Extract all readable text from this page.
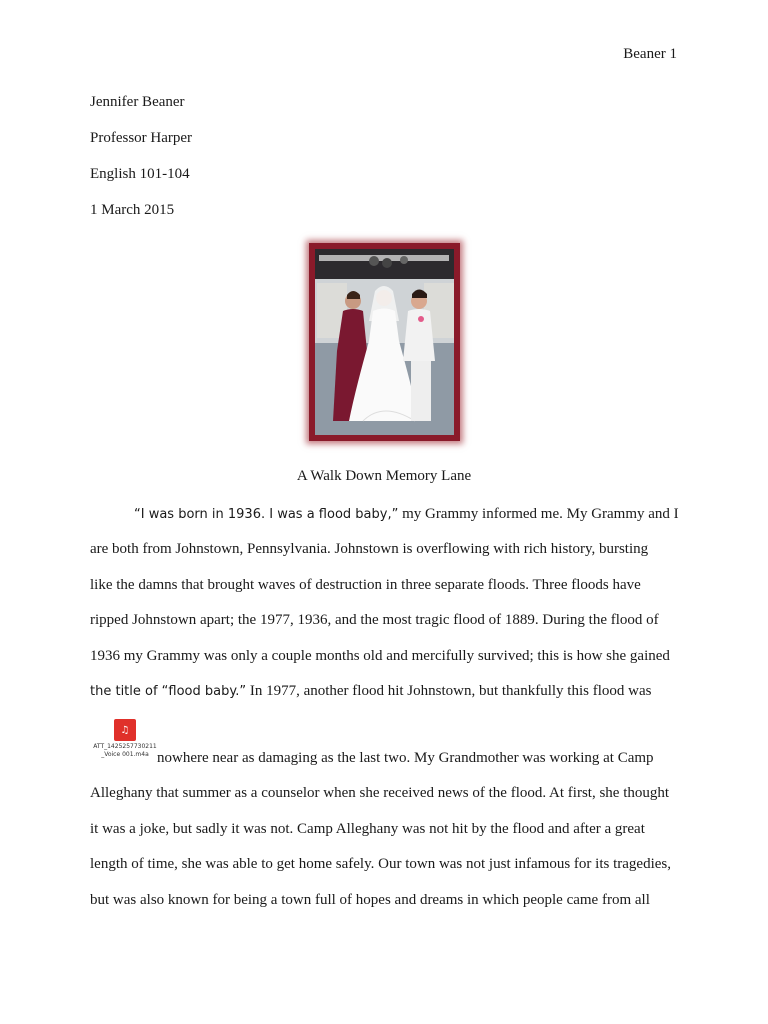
Beaner 1
Jennifer Beaner
Professor Harper
English 101-104
1 March 2015
A Walk Down Memory Lane

“I was born in 1936. I was a flood baby,” my Grammy informed me. My Grammy and I

are both from Johnstown, Pennsylvania. Johnstown is overflowing with rich history, bursting

like the damns that brought waves of destruction in three separate floods. Three floods have

ripped Johnstown apart; the 1977, 1936, and the most tragic flood of 1889. During the flood of

1936 my Grammy was only a couple months old and mercifully survived; this is how she gained

the title of “flood baby.” In 1977, another flood hit Johnstown, but thankfully this flood was

♫
ATT_1425257730211
_Voice 001.m4a nowhere near as damaging as the last two. My Grandmother was working at Camp

Alleghany that summer as a counselor when she received news of the flood. At first, she thought

it was a joke, but sadly it was not. Camp Alleghany was not hit by the flood and after a great

length of time, she was able to get home safely. Our town was not just infamous for its tragedies,

but was also known for being a town full of hopes and dreams in which people came from all
